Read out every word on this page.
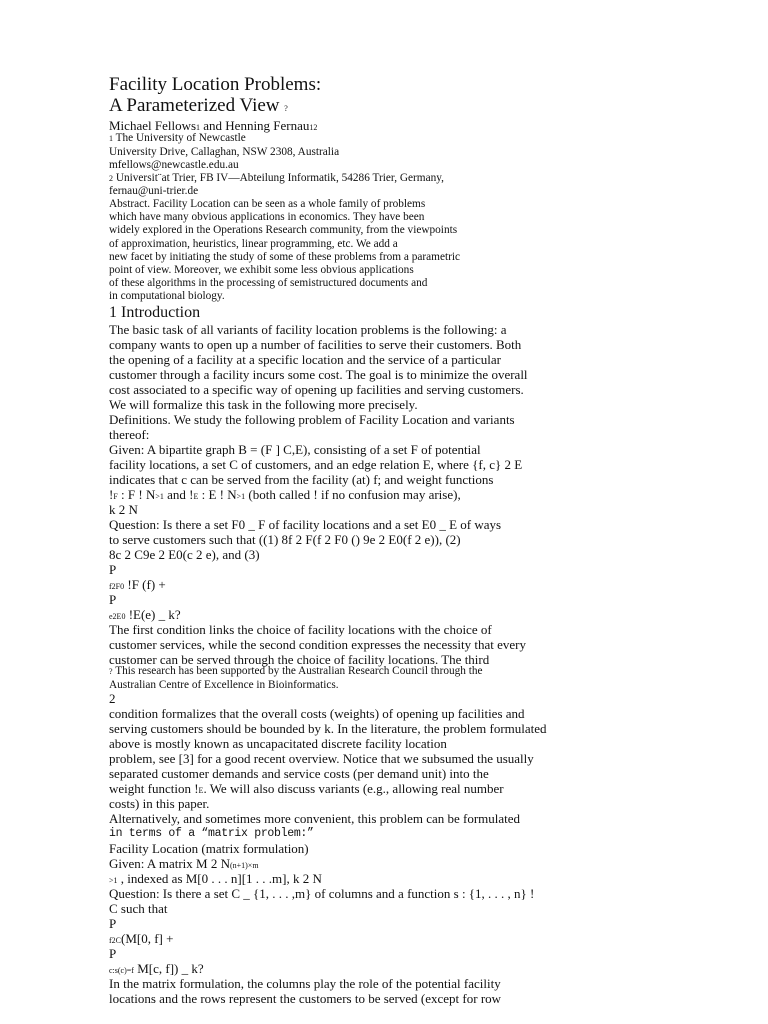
Facility Location Problems:
A Parameterized View ?
Michael Fellows1 and Henning Fernau12
1 The University of Newcastle
University Drive, Callaghan, NSW 2308, Australia
mfellows@newcastle.edu.au
2 Universit¨at Trier, FB IV—Abteilung Informatik, 54286 Trier, Germany,
fernau@uni-trier.de
Abstract. Facility Location can be seen as a whole family of problems
which have many obvious applications in economics. They have been
widely explored in the Operations Research community, from the viewpoints
of approximation, heuristics, linear programming, etc. We add a
new facet by initiating the study of some of these problems from a parametric
point of view. Moreover, we exhibit some less obvious applications
of these algorithms in the processing of semistructured documents and
in computational biology.
1 Introduction
The basic task of all variants of facility location problems is the following: a
company wants to open up a number of facilities to serve their customers. Both
the opening of a facility at a specific location and the service of a particular
customer through a facility incurs some cost. The goal is to minimize the overall
cost associated to a specific way of opening up facilities and serving customers.
We will formalize this task in the following more precisely.
Definitions. We study the following problem of Facility Location and variants
thereof:
Given: A bipartite graph B = (F ] C,E), consisting of a set F of potential
facility locations, a set C of customers, and an edge relation E, where {f, c} 2 E
indicates that c can be served from the facility (at) f; and weight functions
!F : F ! N>1 and !E : E ! N>1 (both called ! if no confusion may arise),
k 2 N
Question: Is there a set F0 _ F of facility locations and a set E0 _ E of ways
to serve customers such that ((1) 8f 2 F(f 2 F0 () 9e 2 E0(f 2 e)), (2)
8c 2 C9e 2 E0(c 2 e), and (3)
P
f2F0 !F (f) +
P
e2E0 !E(e) _ k?
The first condition links the choice of facility locations with the choice of
customer services, while the second condition expresses the necessity that every
customer can be served through the choice of facility locations. The third
? This research has been supported by the Australian Research Council through the
Australian Centre of Excellence in Bioinformatics.
2
condition formalizes that the overall costs (weights) of opening up facilities and
serving customers should be bounded by k. In the literature, the problem formulated
above is mostly known as uncapacitated discrete facility location
problem, see [3] for a good recent overview. Notice that we subsumed the usually
separated customer demands and service costs (per demand unit) into the
weight function !E. We will also discuss variants (e.g., allowing real number
costs) in this paper.
Alternatively, and sometimes more convenient, this problem can be formulated
in terms of a “matrix problem:”
Facility Location (matrix formulation)
Given: A matrix M 2 N(n+1)×m
>1 , indexed as M[0 . . . n][1 . . .m], k 2 N
Question: Is there a set C _ {1, . . . ,m} of columns and a function s : {1, . . . , n} !
C such that
P
f2C(M[0, f] +
P
c:s(c)=f M[c, f]) _ k?
In the matrix formulation, the columns play the role of the potential facility
locations and the rows represent the customers to be served (except for row
